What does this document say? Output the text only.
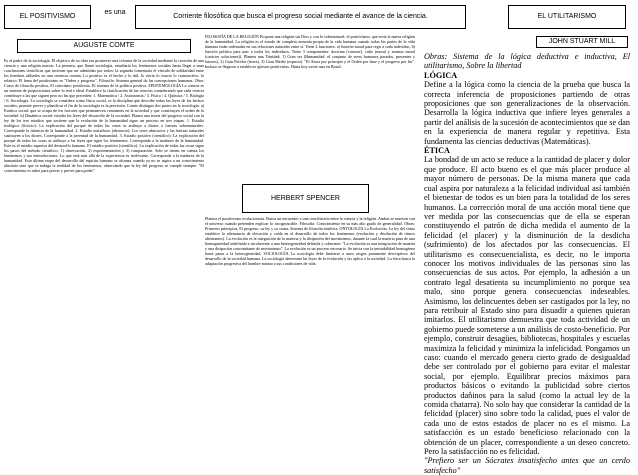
EL POSITIVISMO
es una
Corriente filosófica que busca el progreso social mediante el avance de la ciencia.	EL UTILITARISMO
AUGUSTE COMTE

Es el padre de la sociología. El objetivo de su obra era promover una reforma de la sociedad mediante la creación de una ciencia y una religión nuevas. La primera, que llamó sociología, estudiaría los fenómenos sociales hasta llegar a unas conclusiones científicas que tuviesen que ser admitidas por todos; la segunda fomentaría el vínculo de solidaridad entre los hombres afiliados en una creencia común. Lo positivo es el hecho y lo útil, lo cierto lo exacto lo constructivo, lo relativo. El lema del positivismo es "Orden y progreso". Filosofía: Sistema general de las concepciones humanas. Obra: Curso de filosofía positiva, El catecismo positivista, El sistema de la política positiva. EPISTEMOLOGÍA La ciencia es un sistema de proposiciones sobre lo real e ideal. Establece la clasificación de las ciencias considerando que cada ciencia contribuye a las que siguen pero no las que preceden: 1. Matemática / 2. Astronomía / 3. Física / 4. Química / 5. Biología / 6. Sociología. La sociología se considera como física social, es la disciplina que describe todas las leyes de los hechos sociales, permite prever y planificar el fin de la sociología es la previsión. Comte distingue dos partes en la sociología: a) Estática social: que se ocupa de los factores que permanecen constantes en la sociedad y que constituyen el orden de la sociedad. b) Dinámica social: estudia las leyes del desarrollo de la sociedad. Planea una teoría del progreso social con la ley de los tres estadios que sostiene que la evolución de la humanidad sigue un proceso en tres etapas. 1. Estadio teológico (ficticio): La explicación del porqué de todas las cosas se atribuye a dioses o fuerzas sobrenaturales. Corresponde la infancia de la humanidad. 2. Estadio metafísico (abstracto): Los seres abstractos y las fuerzas naturales sustituyen a los dioses. Corresponde a la juventud de la humanidad. 3. Estadio positivo (científico): La explicación del porqué de todas las cosas se atribuye a las leyes que rigen los fenómenos. Corresponde a la madurez de la humanidad. Este es el estadio superior del desarrollo humano. El estadio positivo (científico): La explicación de todas las cosas sigue los pasos del método científico: 1) observación, 2) experimentación y 3) comparación. Solo se tienen en cuenta los fenómenos y sus interrelaciones. Lo que está más allá de la experiencia es irrelevante. Corresponde a la madurez de la humanidad. Esta última etapa del desarrollo del espíritu humano se alcanza cuando ya no se aspira a un conocimiento absoluto sino que se indaga la realidad de los fenómenos, observando que la ley del progreso se cumple siempre. "El conocimiento es saber para prever y prever para poder".

FILOSOFÍA DE LA RELIGIÓN Propone una religión sin Dios y con lo sobrenatural: el positivismo, que sería la nueva religión de la humanidad. La religión es el estado de completa armonía propia de la vida humana cuando todas las partes de la vida humana están ordenadas en sus relaciones naturales entre sí. Tiene 2 funciones: a) función moral para regir a cada individuo, b) función política para unir a todos los individuos. Tiene 3 componentes: doctrina (conocer), culto (moral y normas moral (carácter soluciones)). Plantea una Trinidad: 1) Gran ser (Humanidad: el conjunto de seres humanos pasados, presentes y futuros), 2) Gran Fetiche (tierra), 3) Gran Medio (espacio). "El Amor por principio y el Orden por base y el progreso por fin". Incluso se llegaron a establecer iglesias positivistas. Hasta hoy existe una en Brasil.

HERBERT SPENCER

Plantea el positivismo evolucionista. Busca un encuentro y una conciliación entre la ciencia y la religión. Ambas se mueven con el universo cuando pretenden explicar lo incognoscible. Filosofía: Conocimiento en su más alto grado de generalidad. Obras: Primeros principios, El progreso, su ley y su causa, Sistema de filosofía sintética. ONTOLOGÍA La Evolución. La ley del ritmo establece la alternancia de elevación y caída en el desarrollo de todos los fenómenos (evolución y disolución de ritmos alternantes). La evolución es la integración de la materia y la disipación del movimiento, durante la cual la materia pasa de una homogeneidad indefinida e incoherente a una heterogeneidad definida y coherente. "La evolución es una integración de materia y una disipación concomitante de movimiento". La evolución es un proceso necesario. Se inicia con la inestabilidad homogénea hasta pasar a la heterogeneidad. SOCIOLOGÍA La sociología debe limitarse a unos rasgos puramente descriptivos del desarrollo de la sociedad humana. La sociología determina las leyes de la evolución y las aplica a la sociedad. La ética busca la adaptación progresiva del hombre mismo a sus condiciones de vida.

JOHN STUART MILL

Obras: Sistema de la lógica deductiva e inductiva, El utilitarismo, Sobre la libertad

LÓGICA

Define a la lógica como la ciencia de la prueba que busca la correcta inferencia de proposiciones partiendo de otras proposiciones que son generalizaciones de la observación. Desarrolla la lógica inductiva que infiere leyes generales a partir del análisis de la sucesión de acontecimientos que se dan en la experiencia de manera regular y repetitiva. Esta fundamenta las ciencias deductivas (Matemáticas).

ÉTICA

La bondad de un acto se reduce a la cantidad de placer y dolor que produce. El acto bueno es el que más placer produce al mayor número de personas. De la misma manera que cada cual aspira por naturaleza a la felicidad individual así también el bienestar de todos es un bien para la totalidad de los seres humanos. La corrección moral de una acción moral tiene que ver medida por las consecuencias que de ella se esperan constituyendo el patrón de dicha medida el aumento de la felicidad (el placer) y la disminución de la desdicha (sufrimiento) de los afectados por las consecuencias. El utilitarismo es consecuencialista, es decir, no le importa conocer los motivos individuales de las personas sino las consecuencias de sus actos. Por ejemplo, la adhesión a un contrato legal desatienta su incumplimiento no porque sea malo, sino porque genera consecuencias indeseables. Asimismo, los delincuentes deben ser castigados por la ley, no para retribuir al Estado sino para disuadir a quienes quieran imitarlos. El utilitarismo demuestra que toda actividad de un gobierno puede someterse a un análisis de costo-beneficio. Por ejemplo, construir desagües, bibliotecas, hospitales y escuelas maximiza la felicidad y minimiza la infelicidad. Pongamos un caso: cuando el mercado genera cierto grado de desigualdad debe ser controlado por el gobierno para evitar el malestar social, por ejemplo. Equilibrar precios máximos para productos básicos o evitando la publicidad sobre ciertos productos dañinos para la salud (como la actual ley de la comida chatarra). No solo hay que considerar la cantidad de la felicidad (placer) sino sobre todo la calidad, pues el valor de cada uno de estos estados de placer no es el mismo. La satisfacción es un estado beneficioso relacionado con la obtención de un placer, correspondiente a un deseo concreto. Pero la satisfacción no es felicidad.

"Prefiero ser un Sócrates insatisfecho antes que un cerdo satisfecho"
